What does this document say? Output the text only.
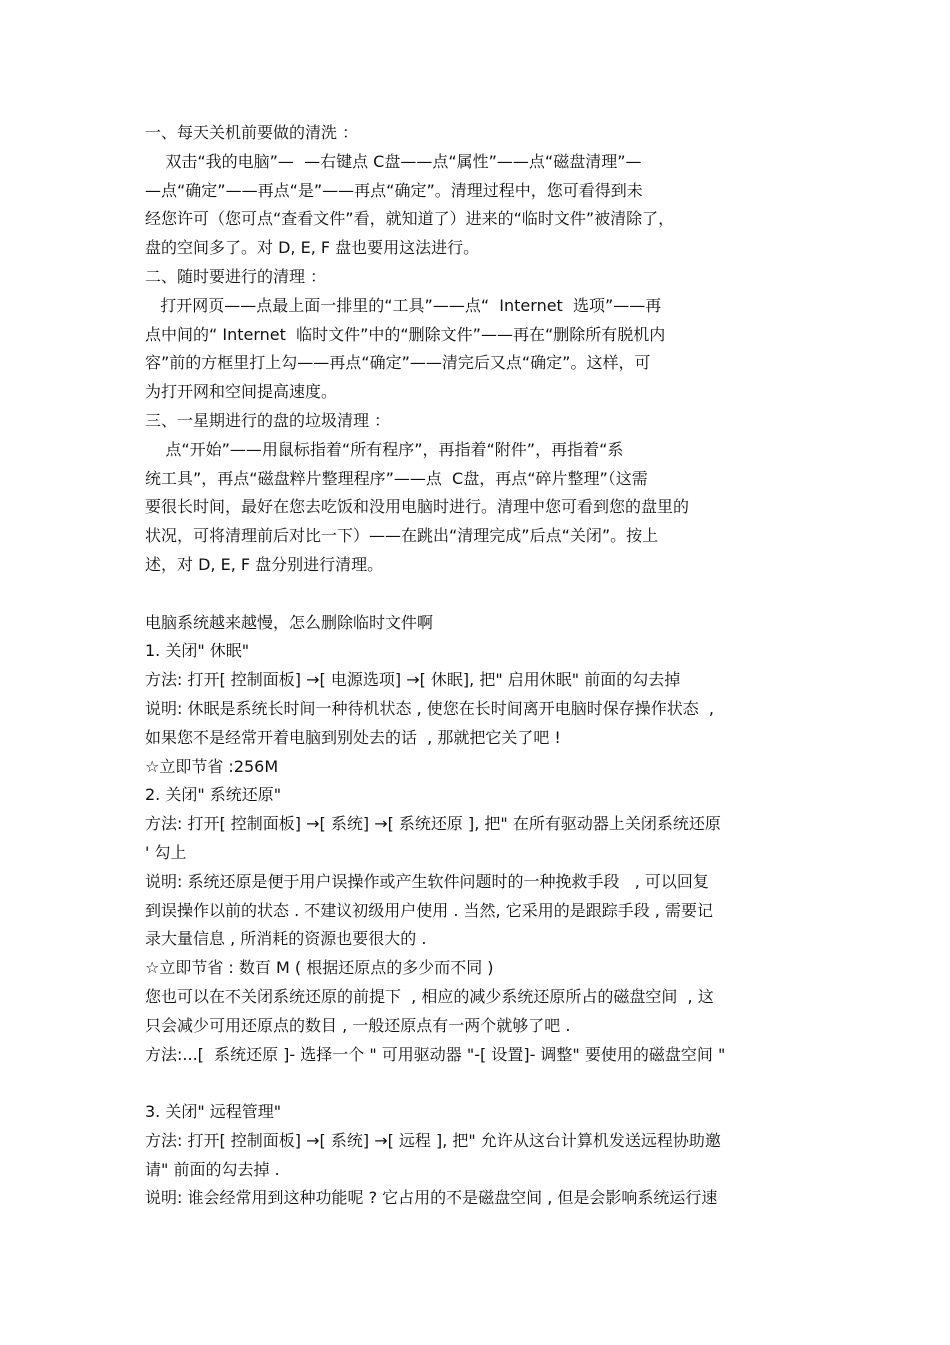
一、每天关机前要做的清洗 ：
双击“我的电脑”—  —右键点 C盘——点“属性”——点“磁盘清理”—
—点“确定”——再点“是”——再点“确定”。清理过程中，您可看得到未
经您许可（您可点“查看文件”看，就知道了）进来的“临时文件”被清除了，
盘的空间多了。对 D, E, F 盘也要用这法进行。
二、随时要进行的清理 ：
打开网页——点最上面一排里的“工具”——点“  Internet  选项”——再
点中间的“ Internet  临时文件”中的“删除文件”——再在“删除所有脱机内
容”前的方框里打上勾——再点“确定”——清完后又点“确定”。这样，可
为打开网和空间提高速度。
三、一星期进行的盘的垃圾清理 ：
点“开始”——用鼠标指着“所有程序”，再指着“附件”，再指着“系
统工具”，再点“磁盘粹片整理程序”——点  C盘，再点“碎片整理”（这需
要很长时间，最好在您去吃饭和没用电脑时进行。清理中您可看到您的盘里的
状况，可将清理前后对比一下）——在跳出“清理完成”后点“关闭”。按上
述，对 D, E, F 盘分别进行清理。
电脑系统越来越慢，怎么删除临时文件啊
1. 关闭" 休眠"
方法: 打开[ 控制面板] →[ 电源选项] →[ 休眠], 把" 启用休眠" 前面的勾去掉
说明: 休眠是系统长时间一种待机状态 , 使您在长时间离开电脑时保存操作状态  ,
如果您不是经常开着电脑到别处去的话  , 那就把它关了吧 !
☆立即节省 :256M
2. 关闭" 系统还原"
方法: 打开[ 控制面板] →[ 系统] →[ 系统还原 ], 把" 在所有驱动器上关闭系统还原
' 勾上
说明: 系统还原是便于用户误操作或产生软件问题时的一种挽救手段   , 可以回复
到误操作以前的状态 . 不建议初级用户使用 . 当然, 它采用的是跟踪手段 , 需要记
录大量信息 , 所消耗的资源也要很大的 .
☆立即节省 : 数百 M ( 根据还原点的多少而不同 )
您也可以在不关闭系统还原的前提下  , 相应的减少系统还原所占的磁盘空间  , 这
只会减少可用还原点的数目 , 一般还原点有一两个就够了吧 .
方法:...[  系统还原 ]- 选择一个 " 可用驱动器 "-[ 设置]- 调整" 要使用的磁盘空间 "
3. 关闭" 远程管理"
方法: 打开[ 控制面板] →[ 系统] →[ 远程 ], 把" 允许从这台计算机发送远程协助邀
请" 前面的勾去掉 .
说明: 谁会经常用到这种功能呢 ? 它占用的不是磁盘空间 , 但是会影响系统运行速
